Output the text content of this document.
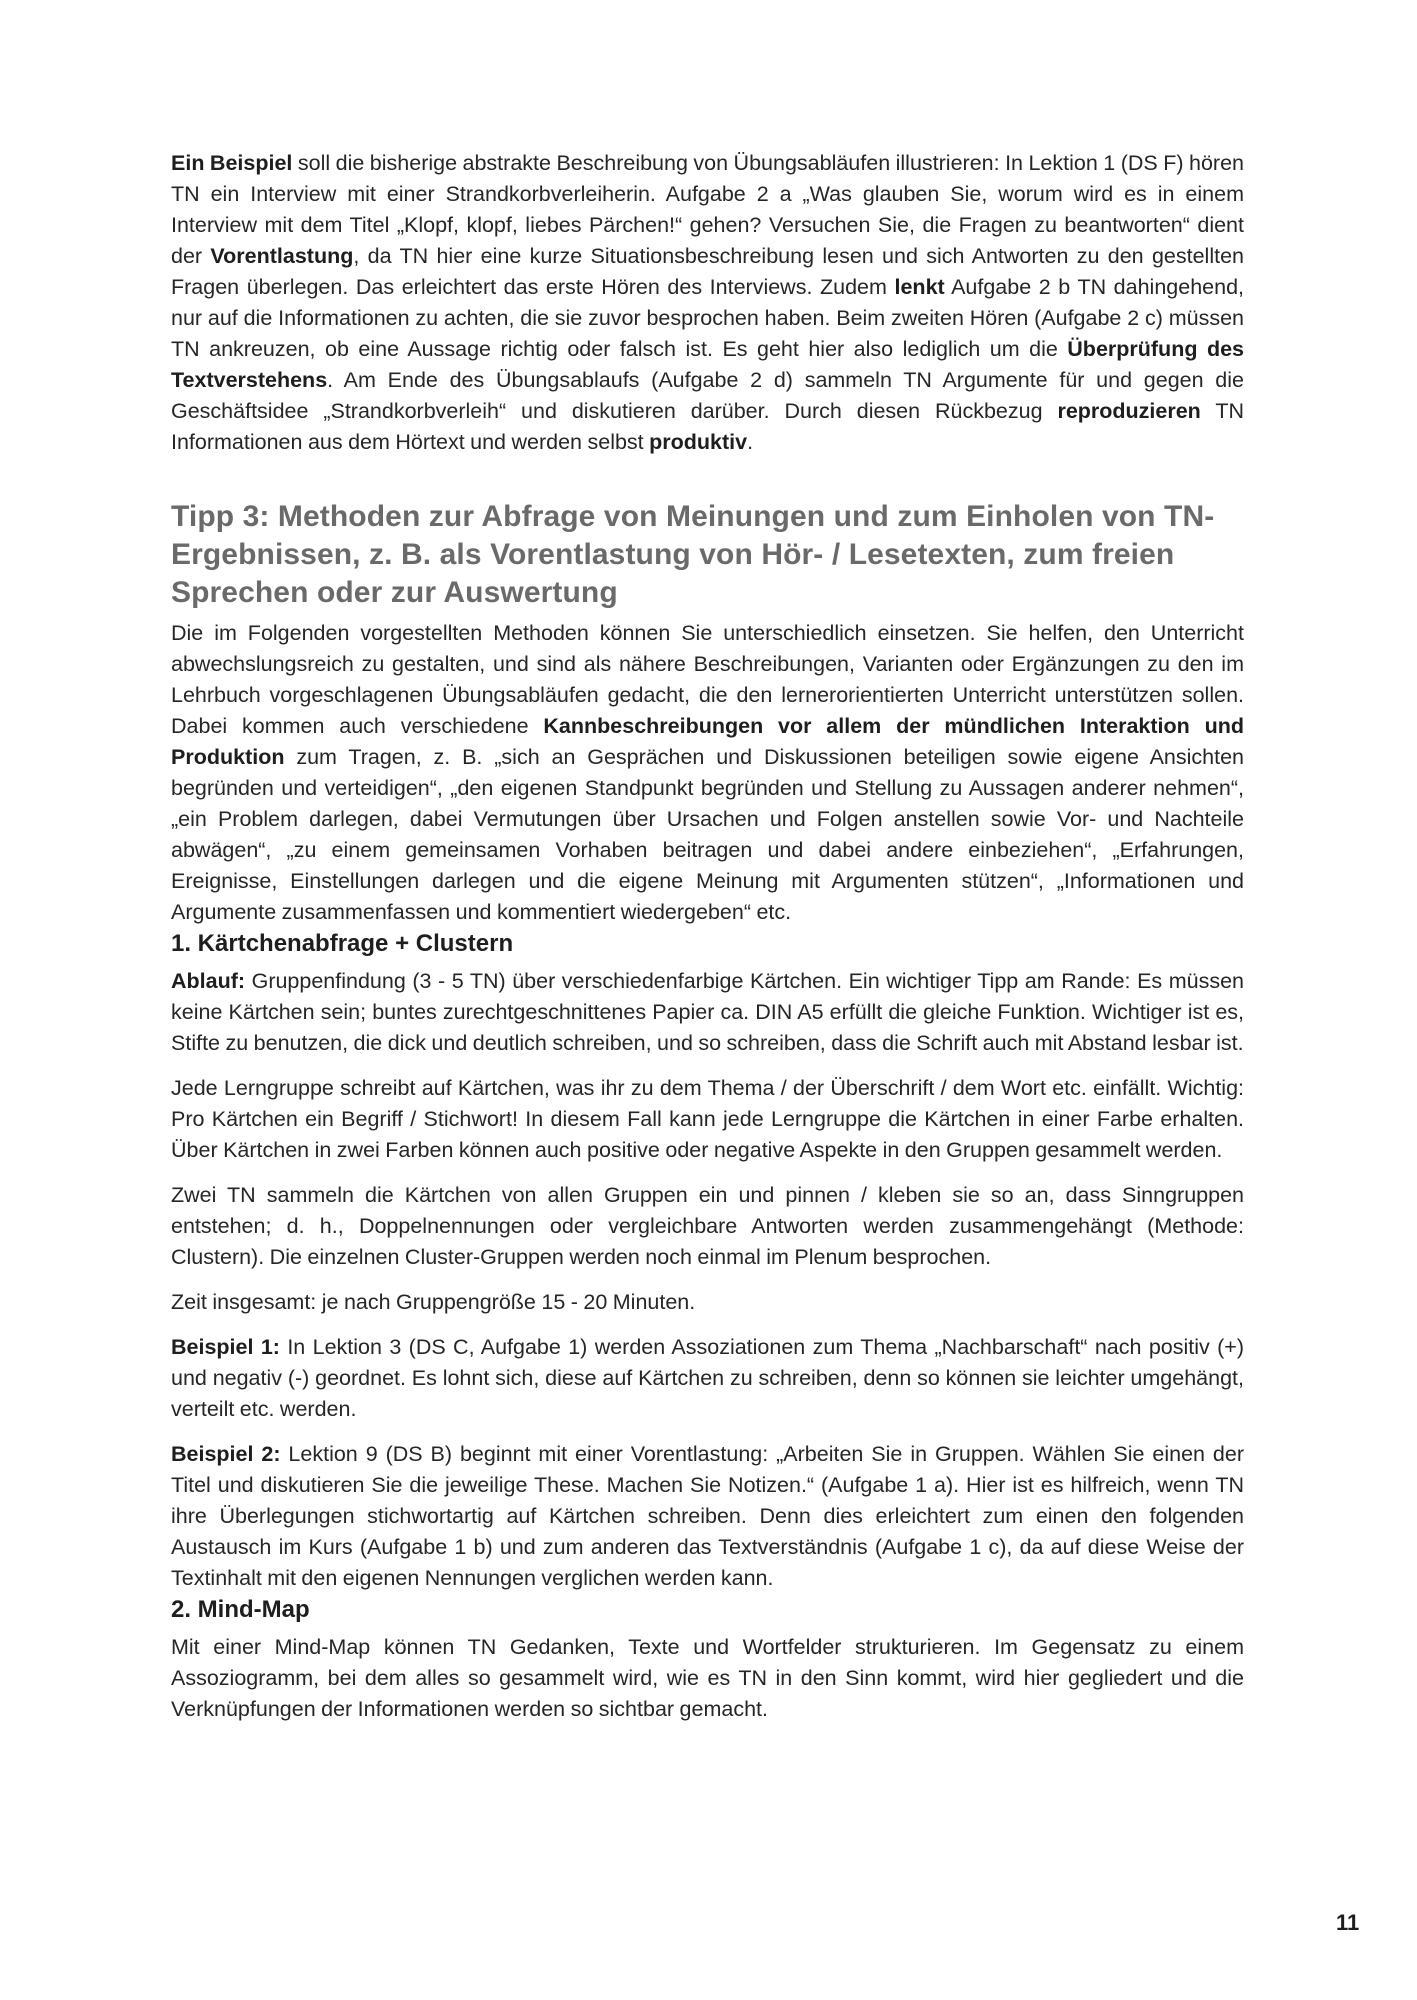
Ein Beispiel soll die bisherige abstrakte Beschreibung von Übungsabläufen illustrieren: In Lektion 1 (DS F) hören TN ein Interview mit einer Strandkorbverleiherin. Aufgabe 2 a „Was glauben Sie, worum wird es in einem Interview mit dem Titel „Klopf, klopf, liebes Pärchen!“ gehen? Versuchen Sie, die Fragen zu beantworten“ dient der Vorentlastung, da TN hier eine kurze Situationsbeschreibung lesen und sich Antworten zu den gestellten Fragen überlegen. Das erleichtert das erste Hören des Interviews. Zudem lenkt Aufgabe 2 b TN dahingehend, nur auf die Informationen zu achten, die sie zuvor besprochen haben. Beim zweiten Hören (Aufgabe 2 c) müssen TN ankreuzen, ob eine Aussage richtig oder falsch ist. Es geht hier also lediglich um die Überprüfung des Textverstehens. Am Ende des Übungsablaufs (Aufgabe 2 d) sammeln TN Argumente für und gegen die Geschäftsidee „Strandkorbverleih“ und diskutieren darüber. Durch diesen Rückbezug reproduzieren TN Informationen aus dem Hörtext und werden selbst produktiv.

Tipp 3: Methoden zur Abfrage von Meinungen und zum Einholen von TN-Ergebnissen, z. B. als Vorentlastung von Hör- / Lesetexten, zum freien Sprechen oder zur Auswertung

Die im Folgenden vorgestellten Methoden können Sie unterschiedlich einsetzen. Sie helfen, den Unterricht abwechslungsreich zu gestalten, und sind als nähere Beschreibungen, Varianten oder Ergänzungen zu den im Lehrbuch vorgeschlagenen Übungsabläufen gedacht, die den lernerorientierten Unterricht unterstützen sollen. Dabei kommen auch verschiedene Kannbeschreibungen vor allem der mündlichen Interaktion und Produktion zum Tragen, z. B. „sich an Gesprächen und Diskussionen beteiligen sowie eigene Ansichten begründen und verteidigen“, „den eigenen Standpunkt begründen und Stellung zu Aussagen anderer nehmen“, „ein Problem darlegen, dabei Vermutungen über Ursachen und Folgen anstellen sowie Vor- und Nachteile abwägen“, „zu einem gemeinsamen Vorhaben beitragen und dabei andere einbeziehen“, „Erfahrungen, Ereignisse, Einstellungen darlegen und die eigene Meinung mit Argumenten stützen“, „Informationen und Argumente zusammenfassen und kommentiert wiedergeben“ etc.

1. Kärtchenabfrage + Clustern

Ablauf: Gruppenfindung (3 - 5 TN) über verschiedenfarbige Kärtchen. Ein wichtiger Tipp am Rande: Es müssen keine Kärtchen sein; buntes zurechtgeschnittenes Papier ca. DIN A5 erfüllt die gleiche Funktion. Wichtiger ist es, Stifte zu benutzen, die dick und deutlich schreiben, und so schreiben, dass die Schrift auch mit Abstand lesbar ist.

Jede Lerngruppe schreibt auf Kärtchen, was ihr zu dem Thema / der Überschrift / dem Wort etc. einfällt. Wichtig: Pro Kärtchen ein Begriff / Stichwort! In diesem Fall kann jede Lerngruppe die Kärtchen in einer Farbe erhalten. Über Kärtchen in zwei Farben können auch positive oder negative Aspekte in den Gruppen gesammelt werden.

Zwei TN sammeln die Kärtchen von allen Gruppen ein und pinnen / kleben sie so an, dass Sinngruppen entstehen; d. h., Doppelnennungen oder vergleichbare Antworten werden zusammengehängt (Methode: Clustern). Die einzelnen Cluster-Gruppen werden noch einmal im Plenum besprochen.

Zeit insgesamt: je nach Gruppengröße 15 - 20 Minuten.

Beispiel 1: In Lektion 3 (DS C, Aufgabe 1) werden Assoziationen zum Thema „Nachbarschaft“ nach positiv (+) und negativ (-) geordnet. Es lohnt sich, diese auf Kärtchen zu schreiben, denn so können sie leichter umgehängt, verteilt etc. werden.

Beispiel 2: Lektion 9 (DS B) beginnt mit einer Vorentlastung: „Arbeiten Sie in Gruppen. Wählen Sie einen der Titel und diskutieren Sie die jeweilige These. Machen Sie Notizen.“ (Aufgabe 1 a). Hier ist es hilfreich, wenn TN ihre Überlegungen stichwortartig auf Kärtchen schreiben. Denn dies erleichtert zum einen den folgenden Austausch im Kurs (Aufgabe 1 b) und zum anderen das Textverständnis (Aufgabe 1 c), da auf diese Weise der Textinhalt mit den eigenen Nennungen verglichen werden kann.

2. Mind-Map

Mit einer Mind-Map können TN Gedanken, Texte und Wortfelder strukturieren. Im Gegensatz zu einem Assoziogramm, bei dem alles so gesammelt wird, wie es TN in den Sinn kommt, wird hier gegliedert und die Verknüpfungen der Informationen werden so sichtbar gemacht.

11
